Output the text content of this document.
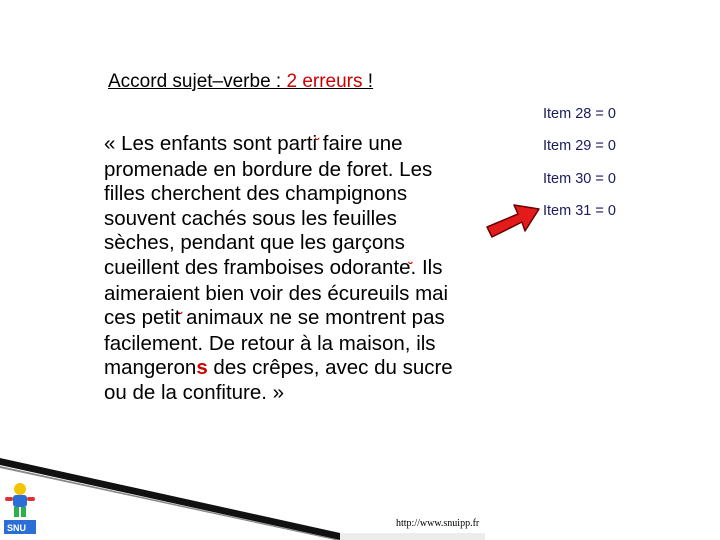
Accord sujet–verbe : 2 erreurs !
Item 28 = 0
Item 29 = 0
Item 30 = 0
Item 31 = 0
« Les enfants sont parti faire une
promenade en bordure de foret. Les
filles cherchent des champignons
souvent cachés sous les feuilles
sèches, pendant que les garçons
cueillent des framboises odorante. Ils
aimeraient bien voir des écureuils mai
ces petit animaux ne se montrent pas
facilement. De retour à la maison, ils
mangerons des crêpes, avec du sucre
ou de la confiture. »
SNU	http://www.snuipp.fr
